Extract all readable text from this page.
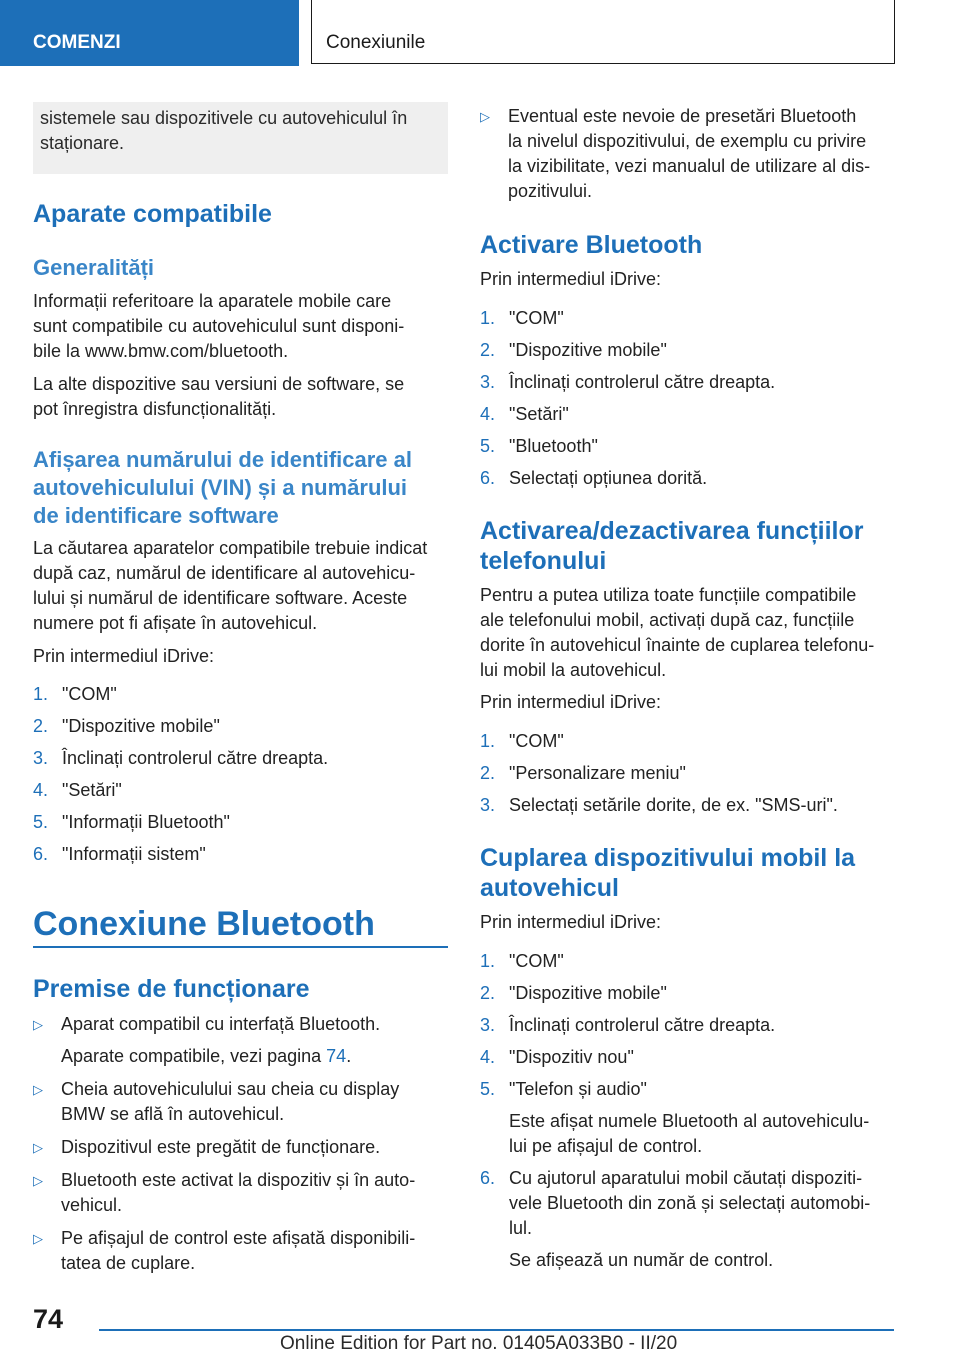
COMENZI	Conexiunile
sistemele sau dispozitivele cu autovehiculul în staționare.
Aparate compatibile
Generalități
Informații referitoare la aparatele mobile care
sunt compatibile cu autovehiculul sunt disponi-
bile la www.bmw.com/bluetooth.
La alte dispozitive sau versiuni de software, se
pot înregistra disfuncționalități.
Afișarea numărului de identificare al
autovehiculului (VIN) și a numărului
de identificare software
La căutarea aparatelor compatibile trebuie indicat
după caz, numărul de identificare al autovehicu-
lului și numărul de identificare software. Aceste
numere pot fi afișate în autovehicul.
Prin intermediul iDrive:
1. "COM"
2. "Dispozitive mobile"
3. Înclinați controlerul către dreapta.
4. "Setări"
5. "Informații Bluetooth"
6. "Informații sistem"
Conexiune Bluetooth
Premise de funcționare
▷ Aparat compatibil cu interfață Bluetooth.
Aparate compatibile, vezi pagina 74.
▷ Cheia autovehiculului sau cheia cu display
BMW se află în autovehicul.
▷ Dispozitivul este pregătit de funcționare.
▷ Bluetooth este activat la dispozitiv și în auto-
vehicul.
▷ Pe afișajul de control este afișată disponibili-
tatea de cuplare.
▷ Eventual este nevoie de presetări Bluetooth
la nivelul dispozitivului, de exemplu cu privire
la vizibilitate, vezi manualul de utilizare al dis-
pozitivului.
Activare Bluetooth
Prin intermediul iDrive:
1. "COM"
2. "Dispozitive mobile"
3. Înclinați controlerul către dreapta.
4. "Setări"
5. "Bluetooth"
6. Selectați opțiunea dorită.
Activarea/dezactivarea funcțiilor
telefonului
Pentru a putea utiliza toate funcțiile compatibile
ale telefonului mobil, activați după caz, funcțiile
dorite în autovehicul înainte de cuplarea telefonu-
lui mobil la autovehicul.
Prin intermediul iDrive:
1. "COM"
2. "Personalizare meniu"
3. Selectați setările dorite, de ex. "SMS-uri".
Cuplarea dispozitivului mobil la
autovehicul
Prin intermediul iDrive:
1. "COM"
2. "Dispozitive mobile"
3. Înclinați controlerul către dreapta.
4. "Dispozitiv nou"
5. "Telefon și audio"
Este afișat numele Bluetooth al autovehiculu-
lui pe afișajul de control.
6. Cu ajutorul aparatului mobil căutați dispoziti-
vele Bluetooth din zonă și selectați automobi-
lul.
Se afișează un număr de control.
74
Online Edition for Part no. 01405A033B0 - II/20
